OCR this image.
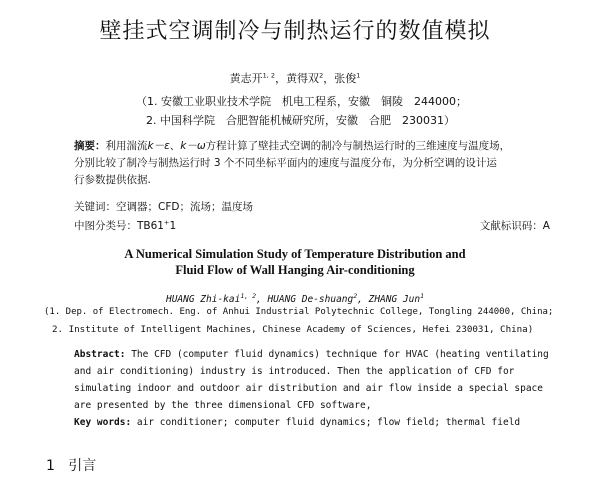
壁挂式空调制冷与制热运行的数值模拟
黄志开$^{1, 2}$，黄得双$^2$，张俊$^1$
（1. 安徽工业职业技术学院　机电工程系，安徽　铜陵　244000；
2. 中国科学院　合肥智能机械研究所，安徽　合肥　230031）
摘要：利用湍流k－ε、k－ω方程计算了壁挂式空调的制冷与制热运行时的三维速度与温度场，
分别比较了制冷与制热运行时 3 个不同坐标平面内的速度与温度分布，为分析空调的设计运
行参数提供依据.
关键词：空调器；CFD；流场；温度场
中图分类号：TB61+1	文献标识码：A
A Numerical Simulation Study of Temperature Distribution and
Fluid Flow of Wall Hanging Air-conditioning
HUANG Zhi-kai$^{1, 2}$, HUANG De-shuang$^2$, ZHANG Jun$^1$
(1. Dep. of Electromech. Eng. of Anhui Industrial Polytechnic College, Tongling 244000, China;
2. Institute of Intelligent Machines, Chinese Academy of Sciences, Hefei 230031, China)
Abstract: The CFD (computer fluid dynamics) technique for HVAC (heating ventilating
and air conditioning) industry is introduced. Then the application of CFD for
simulating indoor and outdoor air distribution and air flow inside a special space
are presented by the three dimensional CFD software,
Key words: air conditioner; computer fluid dynamics; flow field; thermal field
1 引言
